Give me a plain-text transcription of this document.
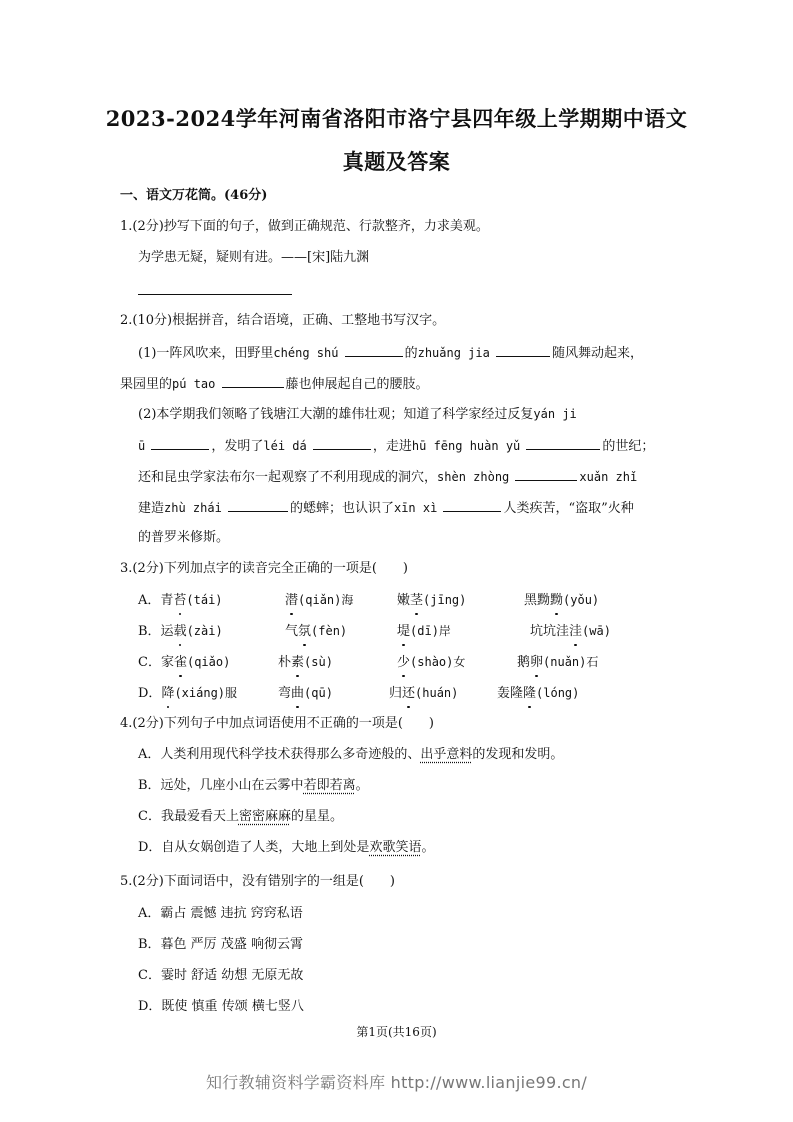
2023-2024学年河南省洛阳市洛宁县四年级上学期期中语文
真题及答案
一、语文万花筒。(46分)
1.(2分)抄写下面的句子，做到正确规范、行款整齐，力求美观。
为学患无疑，疑则有进。——[宋]陆九渊
2.(10分)根据拼音，结合语境，正确、工整地书写汉字。
(1)一阵风吹来，田野里chéng shú	的zhuǎng jia	随风舞动起来，
果园里的pú tao	藤也伸展起自己的腰肢。
(2)本学期我们领略了钱塘江大潮的雄伟壮观；知道了科学家经过反复yán ji
ū	，发明了léi dá	，走进hū fēng huàn yǔ	的世纪；
还和昆虫学家法布尔一起观察了不利用现成的洞穴，shèn zhòng	xuǎn zhǐ
建造zhù zhái	的蟋蟀；也认识了xīn xì	人类疾苦，“盗取”火种
的普罗米修斯。
3.(2分)下列加点字的读音完全正确的一项是(　　)
A．青苔(tái)	潜(qiǎn)海	嫩茎(jīng)	黑黝黝(yǒu)
B．运载(zài)	气氛(fèn)	堤(dī)岸	坑坑洼洼(wā)
C．家雀(qiǎo)	朴素(sù)	少(shào)女	鹅卵(nuǎn)石
D．降(xiáng)服	弯曲(qū)	归还(huán)	轰隆隆(lóng)
4.(2分)下列句子中加点词语使用不正确的一项是(　　)
A．人类利用现代科学技术获得那么多奇迹般的、出乎意料的发现和发明。
B．远处，几座小山在云雾中若即若离。
C．我最爱看天上密密麻麻的星星。
D．自从女娲创造了人类，大地上到处是欢歌笑语。
5.(2分)下面词语中，没有错别字的一组是(　　)
A．霸占 震憾 违抗 窍窍私语
B．暮色 严厉 茂盛 响彻云霄
C．霎时 舒适 幼想 无原无故
D．既使 慎重 传颂 横七竖八
第1页(共16页)
知行教辅资料学霸资料库 http://www.lianjie99.cn/
